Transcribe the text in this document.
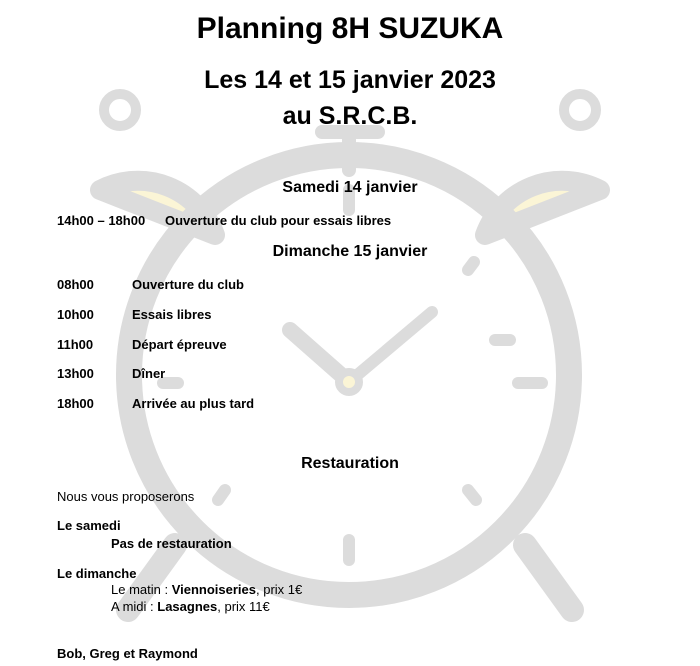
Planning 8H SUZUKA
Les 14 et 15 janvier 2023
au S.R.C.B.
Samedi 14 janvier
14h00 – 18h00 Ouverture du club pour essais libres
Dimanche 15 janvier
08h00	Ouverture du club
10h00	Essais libres
11h00	Départ épreuve
13h00	Dîner
18h00	Arrivée au plus tard
Restauration
Nous vous proposerons
Le samedi
Pas de restauration
Le dimanche
Le matin : Viennoiseries, prix 1€
A midi : Lasagnes, prix 11€
Bob, Greg et Raymond
